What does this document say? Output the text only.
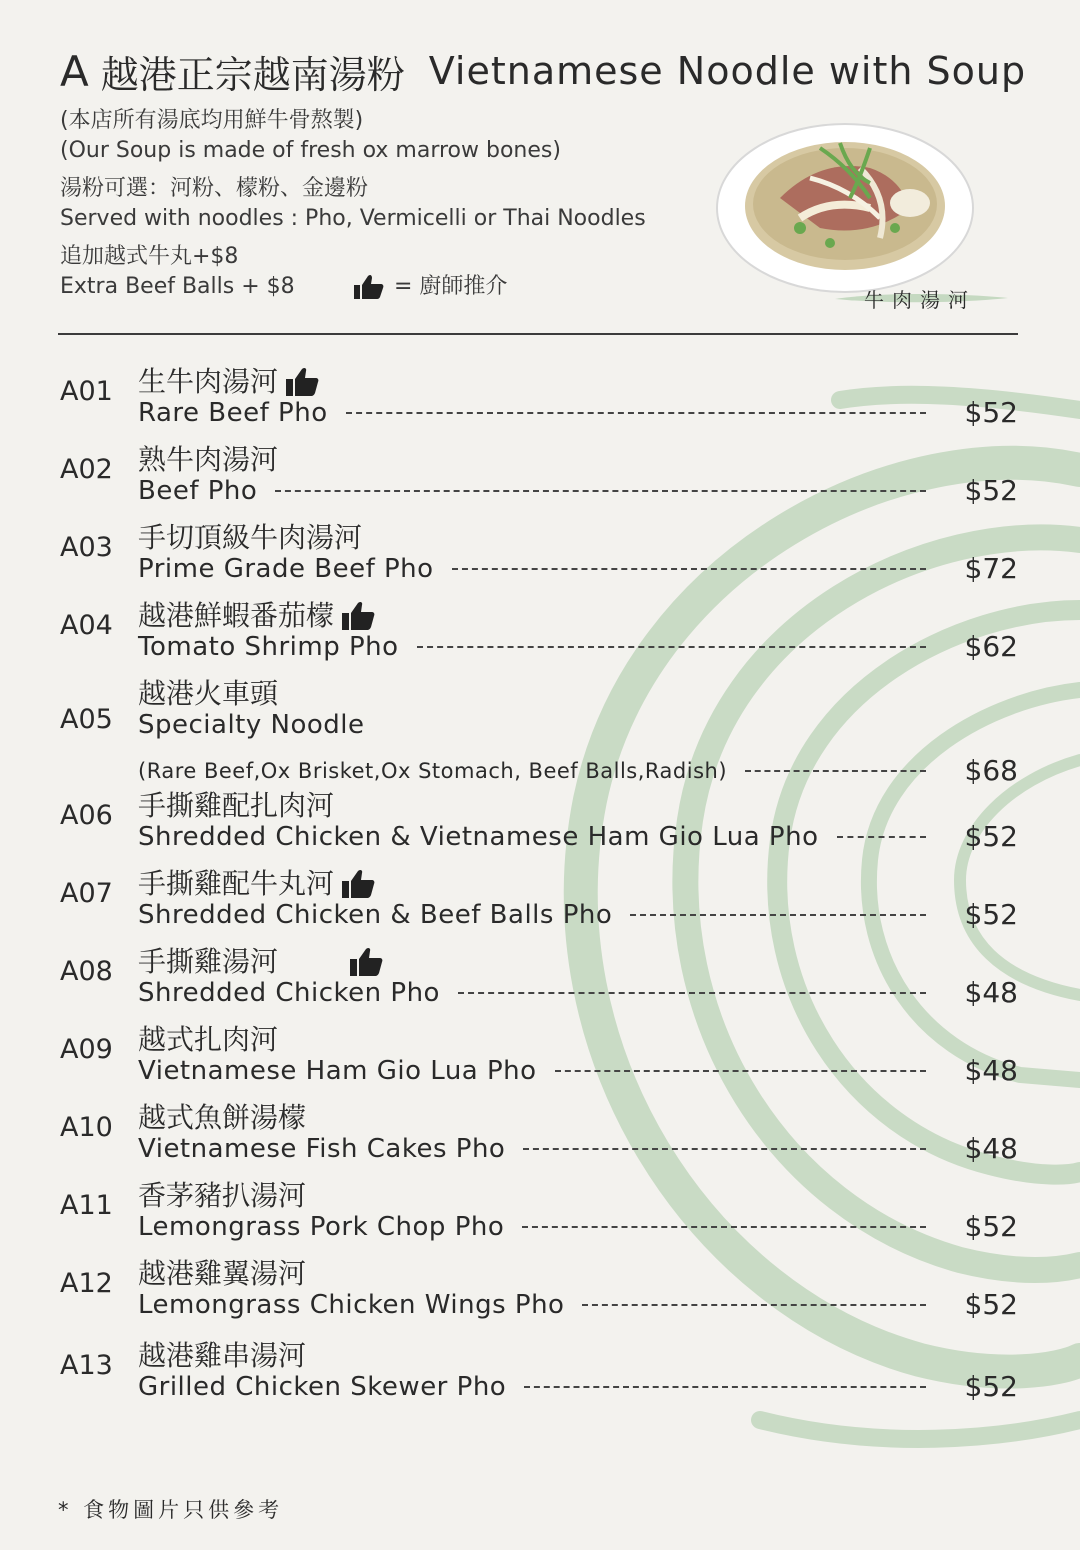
A 越港正宗越南湯粉 Vietnamese Noodle with Soup
(本店所有湯底均用鮮牛骨熬製)
(Our Soup is made of fresh ox marrow bones)
湯粉可選：河粉、檬粉、金邊粉
Served with noodles : Pho, Vermicelli or Thai Noodles
追加越式牛丸+$8
Extra Beef Balls + $8	= 廚師推介
牛肉湯河
A01 生牛肉湯河
Rare Beef Pho	$52
A02 熟牛肉湯河
Beef Pho	$52
A03 手切頂級牛肉湯河
Prime Grade Beef Pho	$72
A04 越港鮮蝦番茄檬
Tomato Shrimp Pho	$62
A05
越港火車頭
Specialty Noodle
(Rare Beef,Ox Brisket,Ox Stomach, Beef Balls,Radish)	$68
A06 手撕雞配扎肉河
Shredded Chicken & Vietnamese Ham Gio Lua Pho	$52
A07 手撕雞配牛丸河
Shredded Chicken & Beef Balls Pho	$52
A08 手撕雞湯河
Shredded Chicken Pho	$48
A09 越式扎肉河
Vietnamese Ham Gio Lua Pho	$48
A10 越式魚餅湯檬
Vietnamese Fish Cakes Pho	$48
A11 香茅豬扒湯河
Lemongrass Pork Chop Pho	$52
A12 越港雞翼湯河
Lemongrass Chicken Wings Pho	$52
A13 越港雞串湯河
Grilled Chicken Skewer Pho	$52
* 食物圖片只供參考
